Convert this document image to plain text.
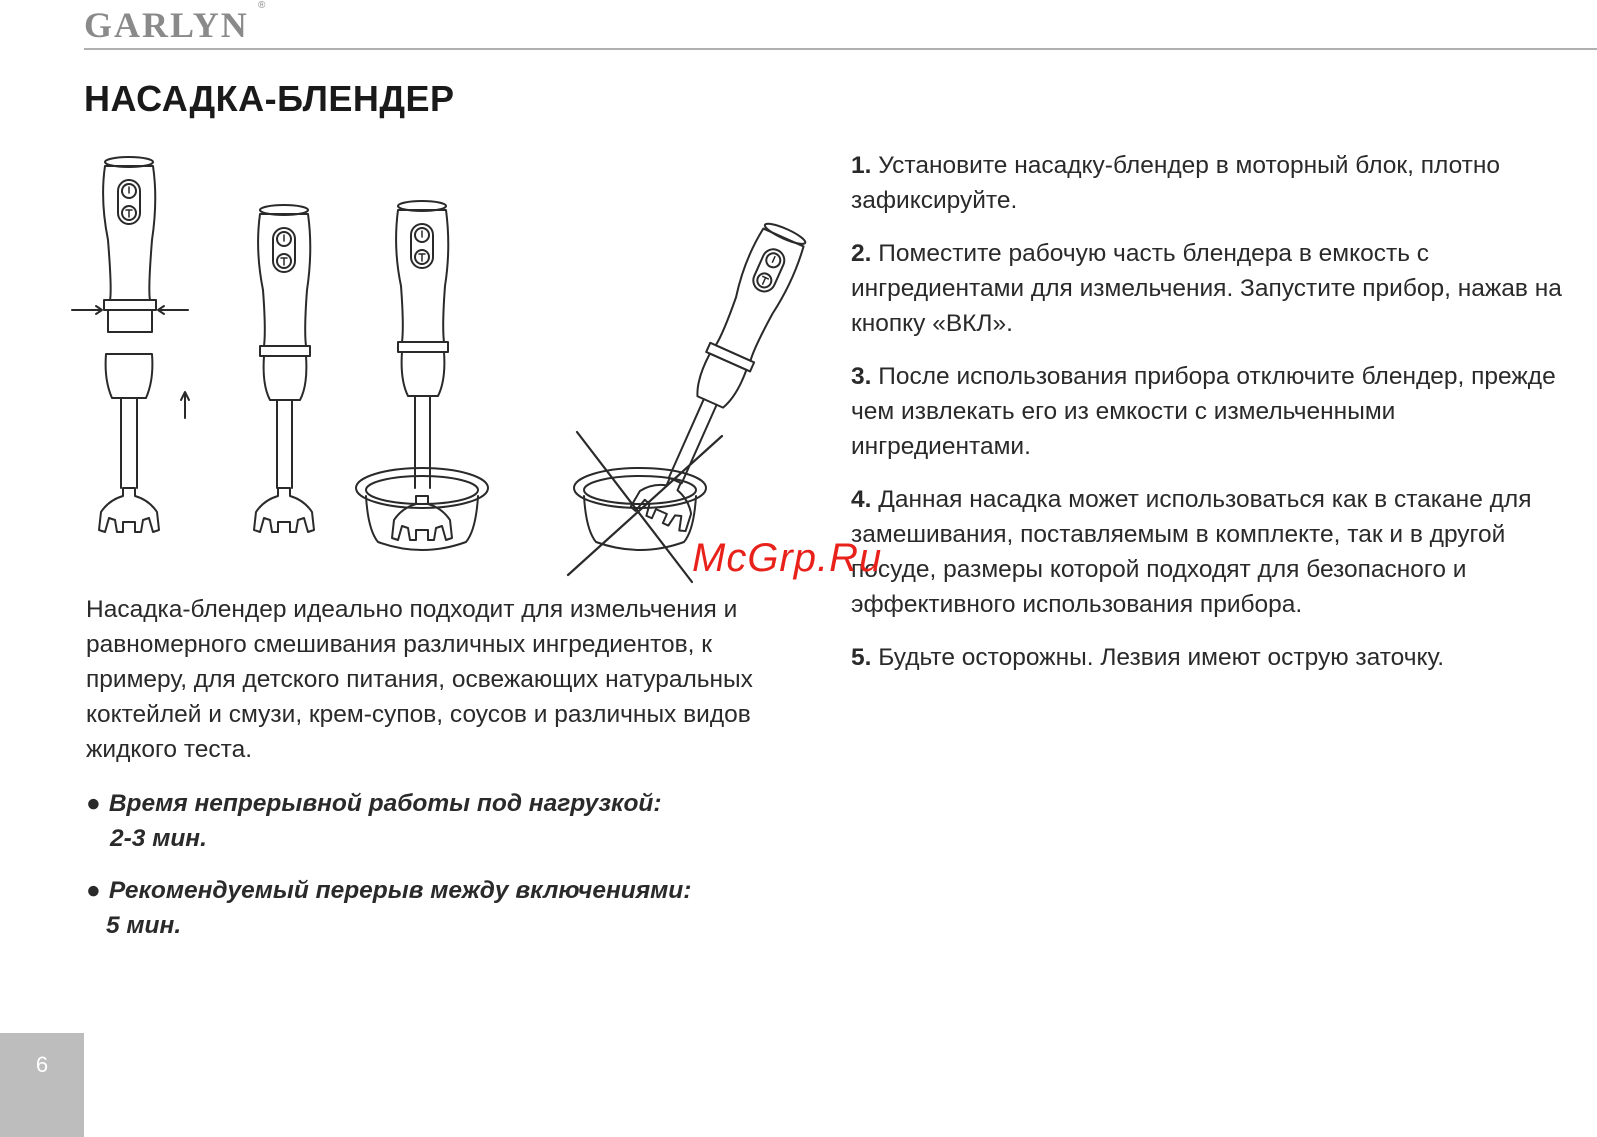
GARLYN ®
НАСАДКА-БЛЕНДЕР

Насадка-блендер идеально подходит для измельчения и равномерного смешивания различных ингредиентов, к примеру, для детского питания, освежающих натуральных коктейлей и смузи, крем-супов, соусов и различных видов жидкого теста.

● Время непрерывной работы под нагрузкой:
2-3 мин.

● Рекомендуемый перерыв между включениями:
5 мин.

1. Установите насадку-блендер в моторный блок, плотно зафиксируйте.

2. Поместите рабочую часть блендера в емкость с ингредиентами для измельчения. Запустите прибор, нажав на кнопку «ВКЛ».

3. После использования прибора отключите блендер, прежде чем извлекать его из емкости с измельченными ингредиентами.

4. Данная насадка может использоваться как в стакане для замешивания, поставляемым в комплекте, так и в другой посуде, размеры которой подходят для безопасного и эффективного использования прибора.

5. Будьте осторожны. Лезвия имеют острую заточку.

McGrp.Ru
6
